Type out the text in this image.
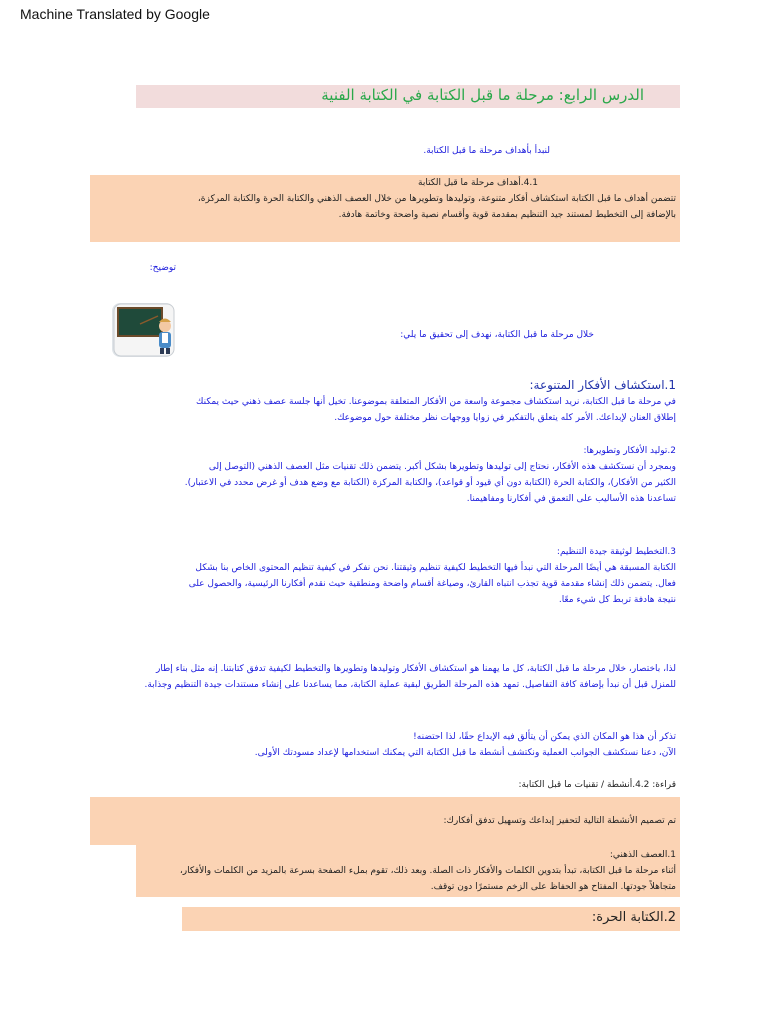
Machine Translated by Google
الدرس الرابع: مرحلة ما قبل الكتابة في الكتابة الفنية
لنبدأ بأهداف مرحلة ما قبل الكتابة.

4.1.أهداف مرحلة ما قبل الكتابة

تتضمن أهداف ما قبل الكتابة استكشاف أفكار متنوعة، وتوليدها وتطويرها من خلال العصف الذهني والكتابة الحرة والكتابة المركزة،

بالإضافة إلى التخطيط لمستند جيد التنظيم بمقدمة قوية وأقسام نصية واضحة وخاتمة هادفة.

توضيح:
خلال مرحلة ما قبل الكتابة، نهدف إلى تحقيق ما يلي:

1.استكشاف الأفكار المتنوعة:

في مرحلة ما قبل الكتابة، نريد استكشاف مجموعة واسعة من الأفكار المتعلقة بموضوعنا. تخيل أنها جلسة عصف ذهني حيث يمكنك

إطلاق العنان لإبداعك. الأمر كله يتعلق بالتفكير في زوايا ووجهات نظر مختلفة حول موضوعك.

2.توليد الأفكار وتطويرها:

وبمجرد أن نستكشف هذه الأفكار، نحتاج إلى توليدها وتطويرها بشكل أكبر. يتضمن ذلك تقنيات مثل العصف الذهني (التوصل إلى

الكثير من الأفكار)، والكتابة الحرة (الكتابة دون أي قيود أو قواعد)، والكتابة المركزة (الكتابة مع وضع هدف أو غرض محدد في الاعتبار).

تساعدنا هذه الأساليب على التعمق في أفكارنا ومفاهيمنا.

3.التخطيط لوثيقة جيدة التنظيم:

الكتابة المسبقة هي أيضًا المرحلة التي نبدأ فيها التخطيط لكيفية تنظيم وثيقتنا. نحن نفكر في كيفية تنظيم المحتوى الخاص بنا بشكل

فعال. يتضمن ذلك إنشاء مقدمة قوية تجذب انتباه القارئ، وصياغة أقسام واضحة ومنطقية حيث نقدم أفكارنا الرئيسية، والحصول على

نتيجة هادفة تربط كل شيء معًا.

لذا، باختصار، خلال مرحلة ما قبل الكتابة، كل ما يهمنا هو استكشاف الأفكار وتوليدها وتطويرها والتخطيط لكيفية تدفق كتابتنا. إنه مثل بناء إطار

للمنزل قبل أن نبدأ بإضافة كافة التفاصيل. تمهد هذه المرحلة الطريق لبقية عملية الكتابة، مما يساعدنا على إنشاء مستندات جيدة التنظيم وجذابة.

تذكر أن هذا هو المكان الذي يمكن أن يتألق فيه الإبداع حقًا، لذا احتضنه!

الآن، دعنا نستكشف الجوانب العملية ونكتشف أنشطة ما قبل الكتابة التي يمكنك استخدامها لإعداد مسودتك الأولى.

قراءة: 4.2.أنشطة / تقنيات ما قبل الكتابة:
تم تصميم الأنشطة التالية لتحفيز إبداعك وتسهيل تدفق أفكارك:

1.العصف الذهني:

أثناء مرحلة ما قبل الكتابة، تبدأ بتدوين الكلمات والأفكار ذات الصلة. وبعد ذلك، تقوم بملء الصفحة بسرعة بالمزيد من الكلمات والأفكار،

متجاهلاً جودتها. المفتاح هو الحفاظ على الزخم مستمرًا دون توقف.

2.الكتابة الحرة:
